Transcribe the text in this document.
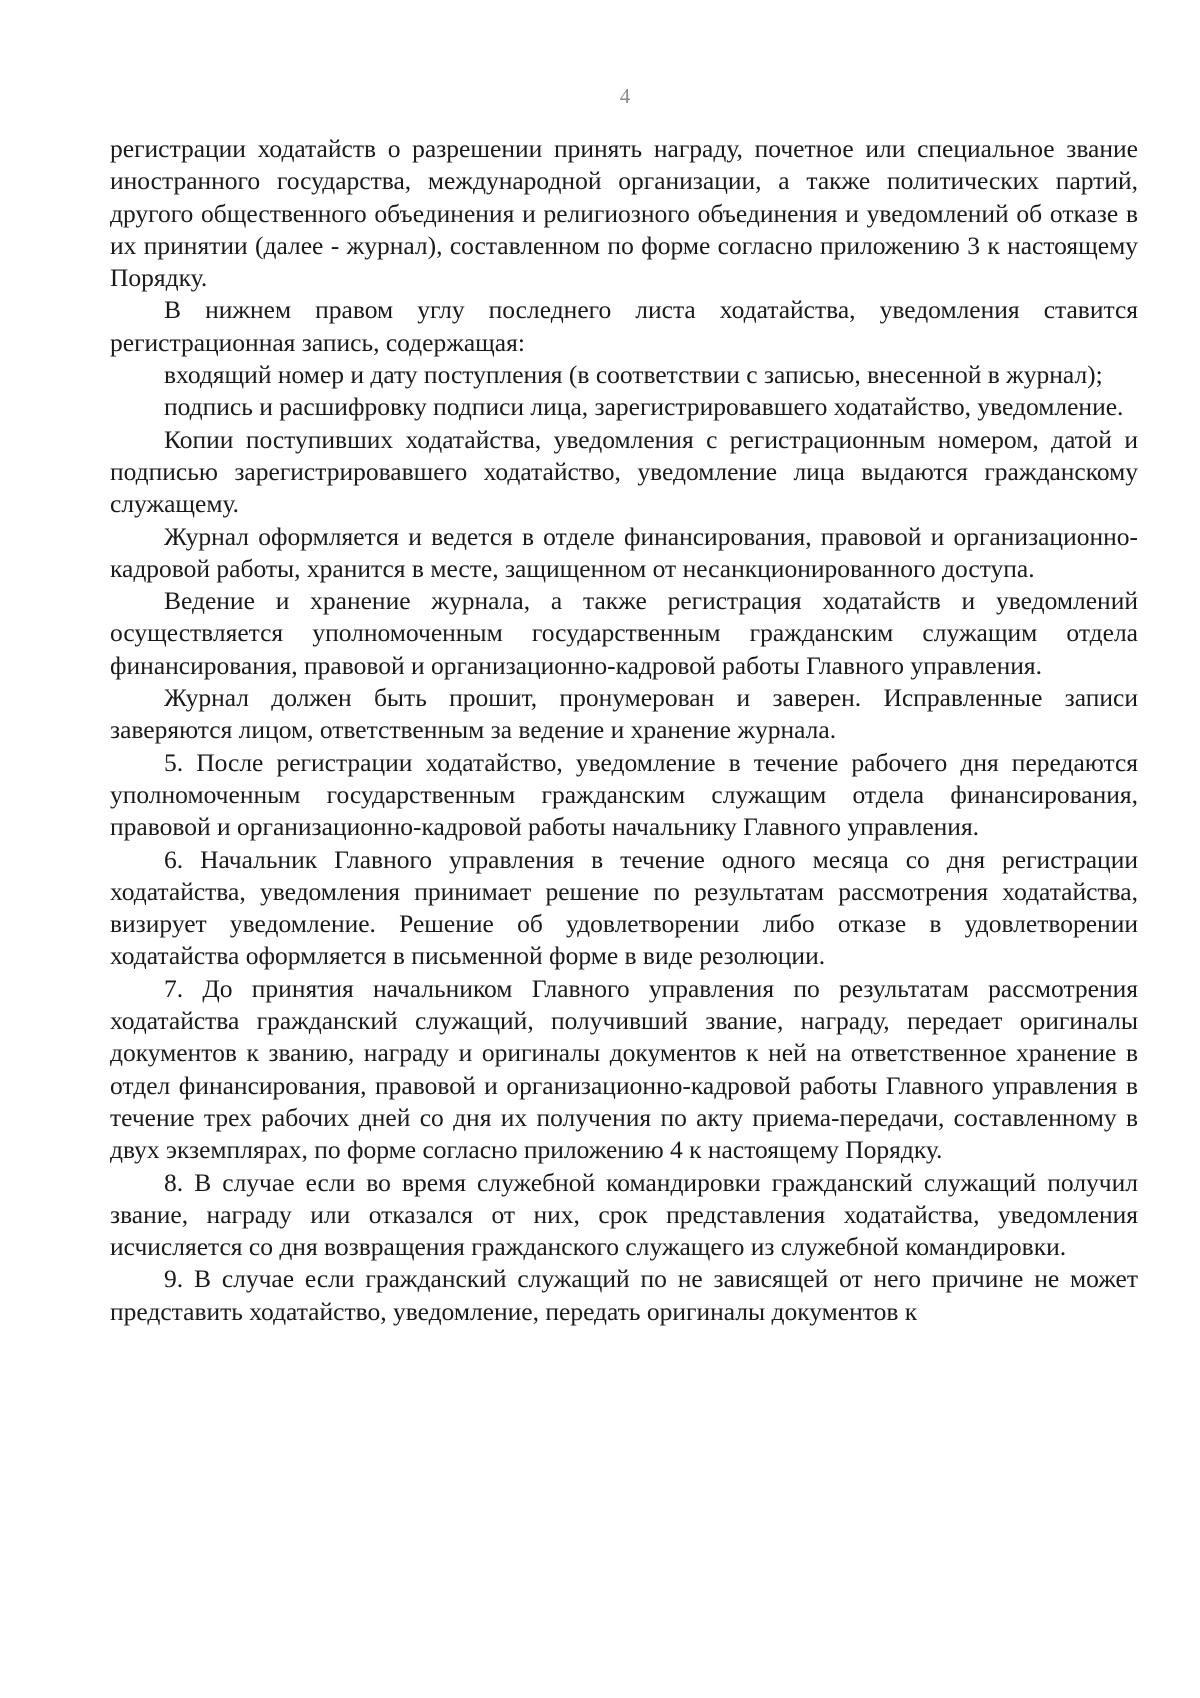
4

регистрации ходатайств о разрешении принять награду, почетное или специальное звание иностранного государства, международной организации, а также политических партий, другого общественного объединения и религиозного объединения и уведомлений об отказе в их принятии (далее - журнал), составленном по форме согласно приложению 3 к настоящему Порядку.

В нижнем правом углу последнего листа ходатайства, уведомления ставится регистрационная запись, содержащая:

входящий номер и дату поступления (в соответствии с записью, внесенной в журнал);

подпись и расшифровку подписи лица, зарегистрировавшего ходатайство, уведомление.

Копии поступивших ходатайства, уведомления с регистрационным номером, датой и подписью зарегистрировавшего ходатайство, уведомление лица выдаются гражданскому служащему.

Журнал оформляется и ведется в отделе финансирования, правовой и организационно-кадровой работы, хранится в месте, защищенном от несанкционированного доступа.

Ведение и хранение журнала, а также регистрация ходатайств и уведомлений осуществляется уполномоченным государственным гражданским служащим отдела финансирования, правовой и организационно-кадровой работы Главного управления.

Журнал должен быть прошит, пронумерован и заверен. Исправленные записи заверяются лицом, ответственным за ведение и хранение журнала.

5. После регистрации ходатайство, уведомление в течение рабочего дня передаются уполномоченным государственным гражданским служащим отдела финансирования, правовой и организационно-кадровой работы начальнику Главного управления.

6. Начальник Главного управления в течение одного месяца со дня регистрации ходатайства, уведомления принимает решение по результатам рассмотрения ходатайства, визирует уведомление. Решение об удовлетворении либо отказе в удовлетворении ходатайства оформляется в письменной форме в виде резолюции.

7. До принятия начальником Главного управления по результатам рассмотрения ходатайства гражданский служащий, получивший звание, награду, передает оригиналы документов к званию, награду и оригиналы документов к ней на ответственное хранение в отдел финансирования, правовой и организационно-кадровой работы Главного управления в течение трех рабочих дней со дня их получения по акту приема-передачи, составленному в двух экземплярах, по форме согласно приложению 4 к настоящему Порядку.

8. В случае если во время служебной командировки гражданский служащий получил звание, награду или отказался от них, срок представления ходатайства, уведомления исчисляется со дня возвращения гражданского служащего из служебной командировки.

9. В случае если гражданский служащий по не зависящей от него причине не может представить ходатайство, уведомление, передать оригиналы документов к
